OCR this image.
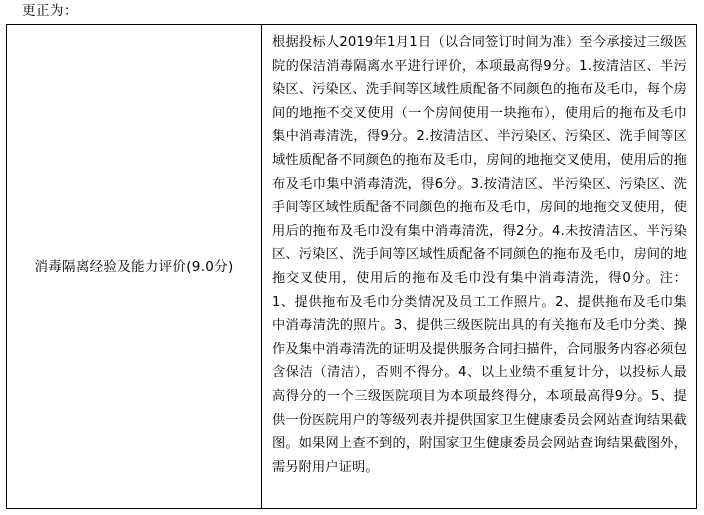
更正为：
消毒隔离经验及能力评价(9.0分)

根据投标人2019年1月1日（以合同签订时间为准）至今承接过三级医院的保洁消毒隔离水平进行评价，本项最高得9分。1.按清洁区、半污染区、污染区、洗手间等区域性质配备不同颜色的拖布及毛巾，每个房间的地拖不交叉使用（一个房间使用一块拖布），使用后的拖布及毛巾集中消毒清洗，得9分。2.按清洁区、半污染区、污染区、洗手间等区域性质配备不同颜色的拖布及毛巾，房间的地拖交叉使用，使用后的拖布及毛巾集中消毒清洗，得6分。3.按清洁区、半污染区、污染区、洗手间等区域性质配备不同颜色的拖布及毛巾，房间的地拖交叉使用，使用后的拖布及毛巾没有集中消毒清洗，得2分。4.未按清洁区、半污染区、污染区、洗手间等区域性质配备不同颜色的拖布及毛巾，房间的地拖交叉使用，使用后的拖布及毛巾没有集中消毒清洗，得0分。注：1、提供拖布及毛巾分类情况及员工工作照片。2、提供拖布及毛巾集中消毒清洗的照片。3、提供三级医院出具的有关拖布及毛巾分类、操作及集中消毒清洗的证明及提供服务合同扫描件，合同服务内容必须包含保洁（清洁），否则不得分。4、以上业绩不重复计分，以投标人最高得分的一个三级医院项目为本项最终得分，本项最高得9分。5、提供一份医院用户的等级列表并提供国家卫生健康委员会网站查询结果截图。如果网上查不到的，附国家卫生健康委员会网站查询结果截图外，需另附用户证明。
